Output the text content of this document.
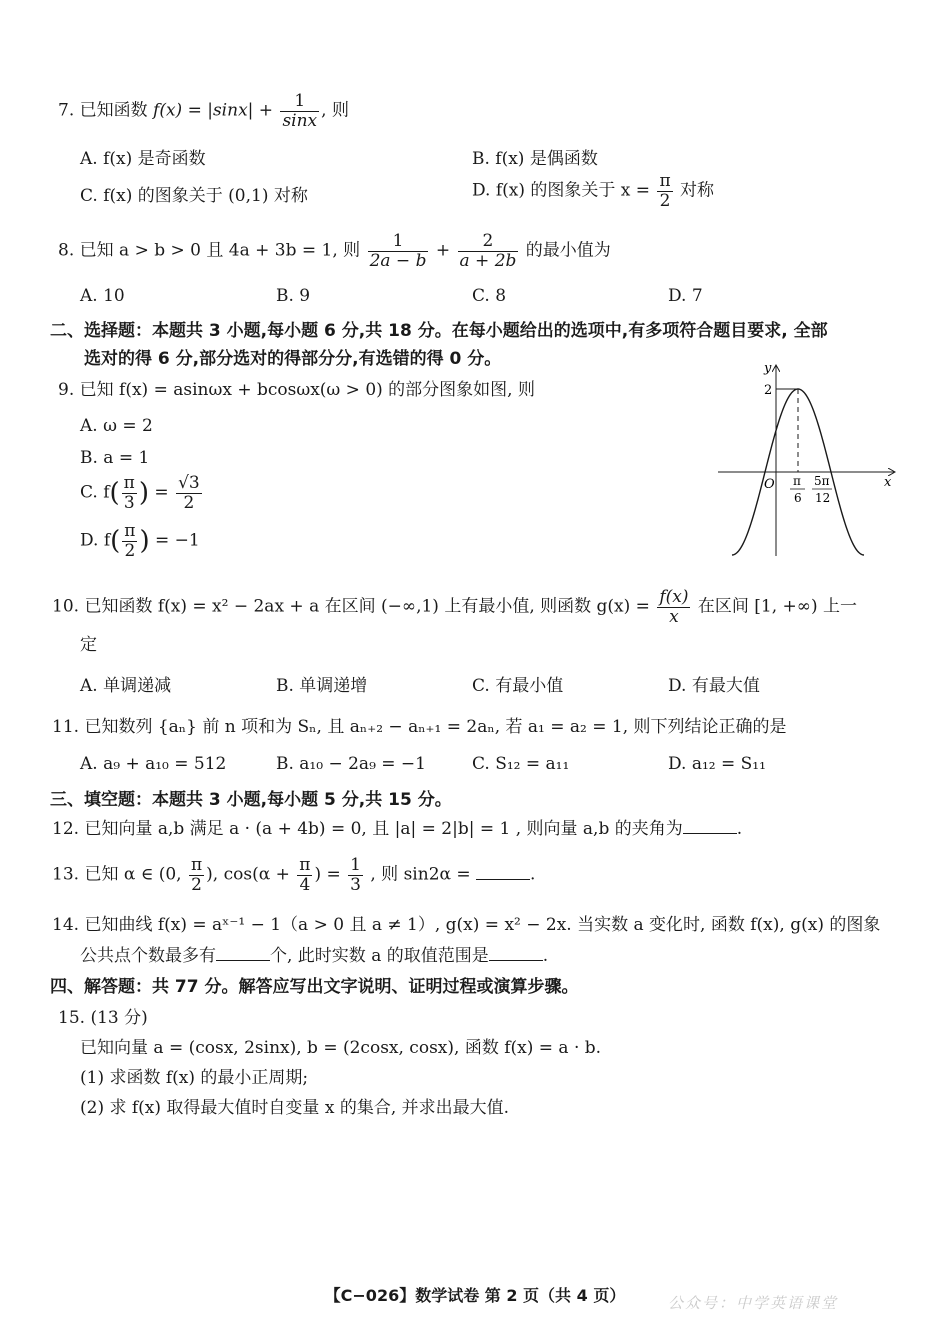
7. 已知函数 $f(x) = |\sin x| + \frac{1}{\sin x}$ , 则
A. f(x) 是奇函数	B. f(x) 是偶函数
C. f(x) 的图象关于 (0,1) 对称	D. f(x) 的图象关于 $x = \frac{\pi}{2}$ 对称
8. 已知 a > b > 0 且 4a + 3b = 1, 则 $\frac{1}{2a - b} + \frac{2}{a + 2b}$ 的最小值为
A. 10	B. 9	C. 8	D. 7
二、选择题：本题共 3 小题,每小题 6 分,共 18 分。在每小题给出的选项中,有多项符合题目要求, 全部
选对的得 6 分,部分选对的得部分分,有选错的得 0 分。
9. 已知 f(x) = asinωx + bcosωx(ω > 0) 的部分图象如图, 则
A. ω = 2
B. a = 1
C. $f( \frac{\pi}{3}$ ) = $\frac{√3}{2}$
D. $f( \frac{\pi}{2}$ ) = −1
y
x
O
2
π
6
5π
12
10. 已知函数 f(x) = x² − 2ax + a 在区间 (−∞,1) 上有最小值, 则函数 $g(x) = \frac{f(x)}{x}$ 在区间 [1, +∞) 上一
定
A. 单调递减	B. 单调递增	C. 有最小值	D. 有最大值
11. 已知数列 {aₙ} 前 n 项和为 Sₙ, 且 aₙ₊₂ − aₙ₊₁ = 2aₙ, 若 a₁ = a₂ = 1, 则下列结论正确的是
A. a₉ + a₁₀ = 512	B. a₁₀ − 2a₉ = −1	C. S₁₂ = a₁₁	D. a₁₂ = S₁₁
三、填空题：本题共 3 小题,每小题 5 分,共 15 分。
12. 已知向量 a,b 满足 a · (a + 4b) = 0, 且 |a| = 2|b| = 1 , 则向量 a,b 的夹角为	.
13. 已知 α ∈ (0, $\frac{\pi}{2}$ ), $\cos(\alpha + \frac{\pi}{4}$ ) = $\frac{1}{3}$ , 则 sin2α =	.
14. 已知曲线 f(x) = aˣ⁻¹ − 1（a > 0 且 a ≠ 1）, g(x) = x² − 2x. 当实数 a 变化时, 函数 f(x), g(x) 的图象
公共点个数最多有	个, 此时实数 a 的取值范围是	.
四、解答题：共 77 分。解答应写出文字说明、证明过程或演算步骤。
15. (13 分)
已知向量 a = (cosx, 2sinx), b = (2cosx, cosx), 函数 f(x) = a · b.
(1) 求函数 f(x) 的最小正周期;
(2) 求 f(x) 取得最大值时自变量 x 的集合, 并求出最大值.
【C−026】数学试卷 第 2 页（共 4 页）	公众号：中学英语课堂
